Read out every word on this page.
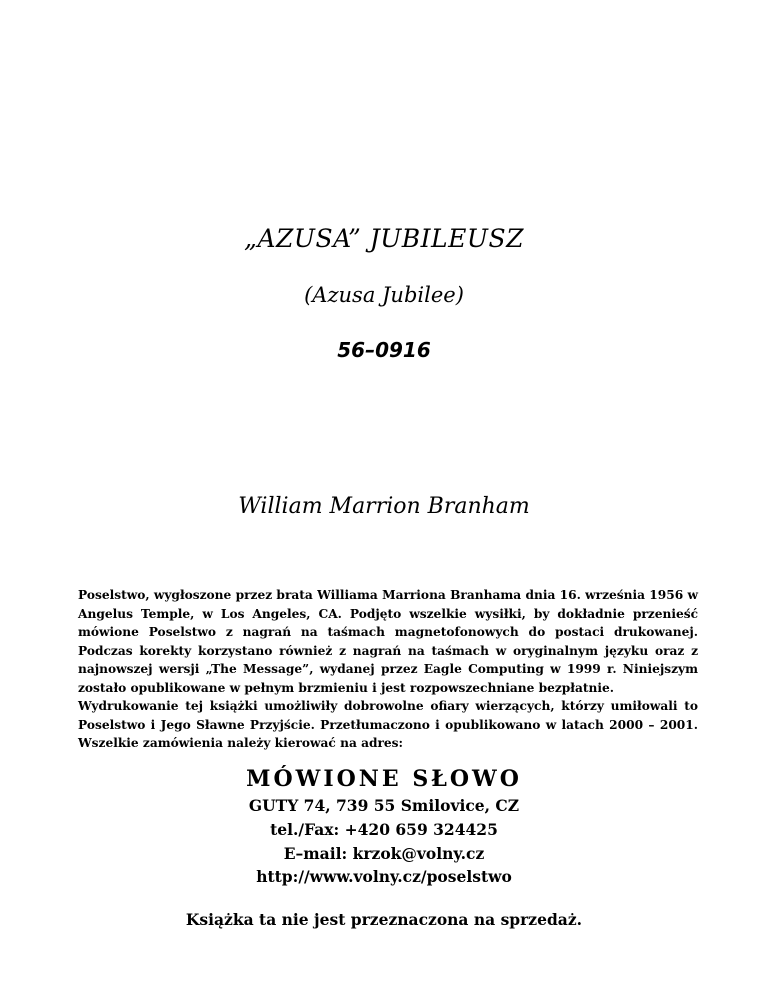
„AZUSA” JUBILEUSZ
(Azusa Jubilee)
56–0916
William Marrion Branham
Poselstwo, wygłoszone przez brata Williama Marriona Branhama dnia 16. września 1956 w
Angelus Temple, w Los Angeles, CA. Podjęto wszelkie wysiłki, by dokładnie przenieść
mówione Poselstwo z nagrań na taśmach magnetofonowych do postaci drukowanej.
Podczas korekty korzystano również z nagrań na taśmach w oryginalnym języku oraz z
najnowszej wersji „The Message”, wydanej przez Eagle Computing w 1999 r. Niniejszym
zostało opublikowane w pełnym brzmieniu i jest rozpowszechniane bezpłatnie.
Wydrukowanie tej książki umożliwiły dobrowolne ofiary wierzących, którzy umiłowali to
Poselstwo i Jego Sławne Przyjście. Przetłumaczono i opublikowano w latach 2000 – 2001.
Wszelkie zamówienia należy kierować na adres:
MÓWIONE SŁOWO
GUTY 74, 739 55 Smilovice, CZ
tel./Fax: +420 659 324425
E–mail: krzok@volny.cz
http://www.volny.cz/poselstwo
Książka ta nie jest przeznaczona na sprzedaż.
